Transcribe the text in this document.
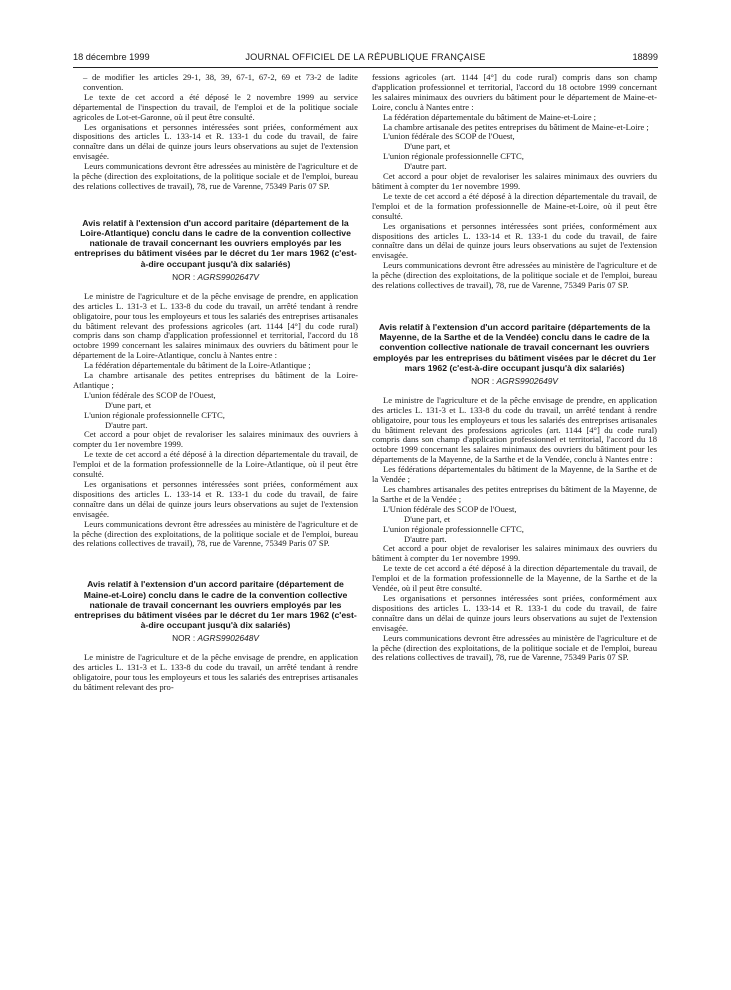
18 décembre 1999	JOURNAL OFFICIEL DE LA RÉPUBLIQUE FRANÇAISE	18899

– de modifier les articles 29-1, 38, 39, 67-1, 67-2, 69 et 73-2 de ladite convention.

Le texte de cet accord a été déposé le 2 novembre 1999 au service départemental de l'inspection du travail, de l'emploi et de la politique sociale agricoles de Lot-et-Garonne, où il peut être consulté.

Les organisations et personnes intéressées sont priées, conformément aux dispositions des articles L. 133-14 et R. 133-1 du code du travail, de faire connaître dans un délai de quinze jours leurs observations au sujet de l'extension envisagée.

Leurs communications devront être adressées au ministère de l'agriculture et de la pêche (direction des exploitations, de la politique sociale et de l'emploi, bureau des relations collectives de travail), 78, rue de Varenne, 75349 Paris 07 SP.

Avis relatif à l'extension d'un accord paritaire (département de la Loire-Atlantique) conclu dans le cadre de la convention collective nationale de travail concernant les ouvriers employés par les entreprises du bâtiment visées par le décret du 1er mars 1962 (c'est-à-dire occupant jusqu'à dix salariés)
NOR : AGRS9902647V

Le ministre de l'agriculture et de la pêche envisage de prendre, en application des articles L. 131-3 et L. 133-8 du code du travail, un arrêté tendant à rendre obligatoire, pour tous les employeurs et tous les salariés des entreprises artisanales du bâtiment relevant des professions agricoles (art. 1144 [4°] du code rural) compris dans son champ d'application professionnel et territorial, l'accord du 18 octobre 1999 concernant les salaires minimaux des ouvriers du bâtiment pour le département de la Loire-Atlantique, conclu à Nantes entre :

La fédération départementale du bâtiment de la Loire-Atlantique ;

La chambre artisanale des petites entreprises du bâtiment de la Loire-Atlantique ;

L'union fédérale des SCOP de l'Ouest,

D'une part, et

L'union régionale professionnelle CFTC,

D'autre part.

Cet accord a pour objet de revaloriser les salaires minimaux des ouvriers à compter du 1er novembre 1999.

Le texte de cet accord a été déposé à la direction départementale du travail, de l'emploi et de la formation professionnelle de la Loire-Atlantique, où il peut être consulté.

Les organisations et personnes intéressées sont priées, conformément aux dispositions des articles L. 133-14 et R. 133-1 du code du travail, de faire connaître dans un délai de quinze jours leurs observations au sujet de l'extension envisagée.

Leurs communications devront être adressées au ministère de l'agriculture et de la pêche (direction des exploitations, de la politique sociale et de l'emploi, bureau des relations collectives de travail), 78, rue de Varenne, 75349 Paris 07 SP.

Avis relatif à l'extension d'un accord paritaire (département de Maine-et-Loire) conclu dans le cadre de la convention collective nationale de travail concernant les ouvriers employés par les entreprises du bâtiment visées par le décret du 1er mars 1962 (c'est-à-dire occupant jusqu'à dix salariés)
NOR : AGRS9902648V

Le ministre de l'agriculture et de la pêche envisage de prendre, en application des articles L. 131-3 et L. 133-8 du code du travail, un arrêté tendant à rendre obligatoire, pour tous les employeurs et tous les salariés des entreprises artisanales du bâtiment relevant des pro-

fessions agricoles (art. 1144 [4°] du code rural) compris dans son champ d'application professionnel et territorial, l'accord du 18 octobre 1999 concernant les salaires minimaux des ouvriers du bâtiment pour le département de Maine-et-Loire, conclu à Nantes entre :

La fédération départementale du bâtiment de Maine-et-Loire ;

La chambre artisanale des petites entreprises du bâtiment de Maine-et-Loire ;

L'union fédérale des SCOP de l'Ouest,

D'une part, et

L'union régionale professionnelle CFTC,

D'autre part.

Cet accord a pour objet de revaloriser les salaires minimaux des ouvriers du bâtiment à compter du 1er novembre 1999.

Le texte de cet accord a été déposé à la direction départementale du travail, de l'emploi et de la formation professionnelle de Maine-et-Loire, où il peut être consulté.

Les organisations et personnes intéressées sont priées, conformément aux dispositions des articles L. 133-14 et R. 133-1 du code du travail, de faire connaître dans un délai de quinze jours leurs observations au sujet de l'extension envisagée.

Leurs communications devront être adressées au ministère de l'agriculture et de la pêche (direction des exploitations, de la politique sociale et de l'emploi, bureau des relations collectives de travail), 78, rue de Varenne, 75349 Paris 07 SP.

Avis relatif à l'extension d'un accord paritaire (départements de la Mayenne, de la Sarthe et de la Vendée) conclu dans le cadre de la convention collective nationale de travail concernant les ouvriers employés par les entreprises du bâtiment visées par le décret du 1er mars 1962 (c'est-à-dire occupant jusqu'à dix salariés)
NOR : AGRS9902649V

Le ministre de l'agriculture et de la pêche envisage de prendre, en application des articles L. 131-3 et L. 133-8 du code du travail, un arrêté tendant à rendre obligatoire, pour tous les employeurs et tous les salariés des entreprises artisanales du bâtiment relevant des professions agricoles (art. 1144 [4°] du code rural) compris dans son champ d'application professionnel et territorial, l'accord du 18 octobre 1999 concernant les salaires minimaux des ouvriers du bâtiment pour les départements de la Mayenne, de la Sarthe et de la Vendée, conclu à Nantes entre :

Les fédérations départementales du bâtiment de la Mayenne, de la Sarthe et de la Vendée ;

Les chambres artisanales des petites entreprises du bâtiment de la Mayenne, de la Sarthe et de la Vendée ;

L'Union fédérale des SCOP de l'Ouest,

D'une part, et

L'union régionale professionnelle CFTC,

D'autre part.

Cet accord a pour objet de revaloriser les salaires minimaux des ouvriers du bâtiment à compter du 1er novembre 1999.

Le texte de cet accord a été déposé à la direction départementale du travail, de l'emploi et de la formation professionnelle de la Mayenne, de la Sarthe et de la Vendée, où il peut être consulté.

Les organisations et personnes intéressées sont priées, conformément aux dispositions des articles L. 133-14 et R. 133-1 du code du travail, de faire connaître dans un délai de quinze jours leurs observations au sujet de l'extension envisagée.

Leurs communications devront être adressées au ministère de l'agriculture et de la pêche (direction des exploitations, de la politique sociale et de l'emploi, bureau des relations collectives de travail), 78, rue de Varenne, 75349 Paris 07 SP.
